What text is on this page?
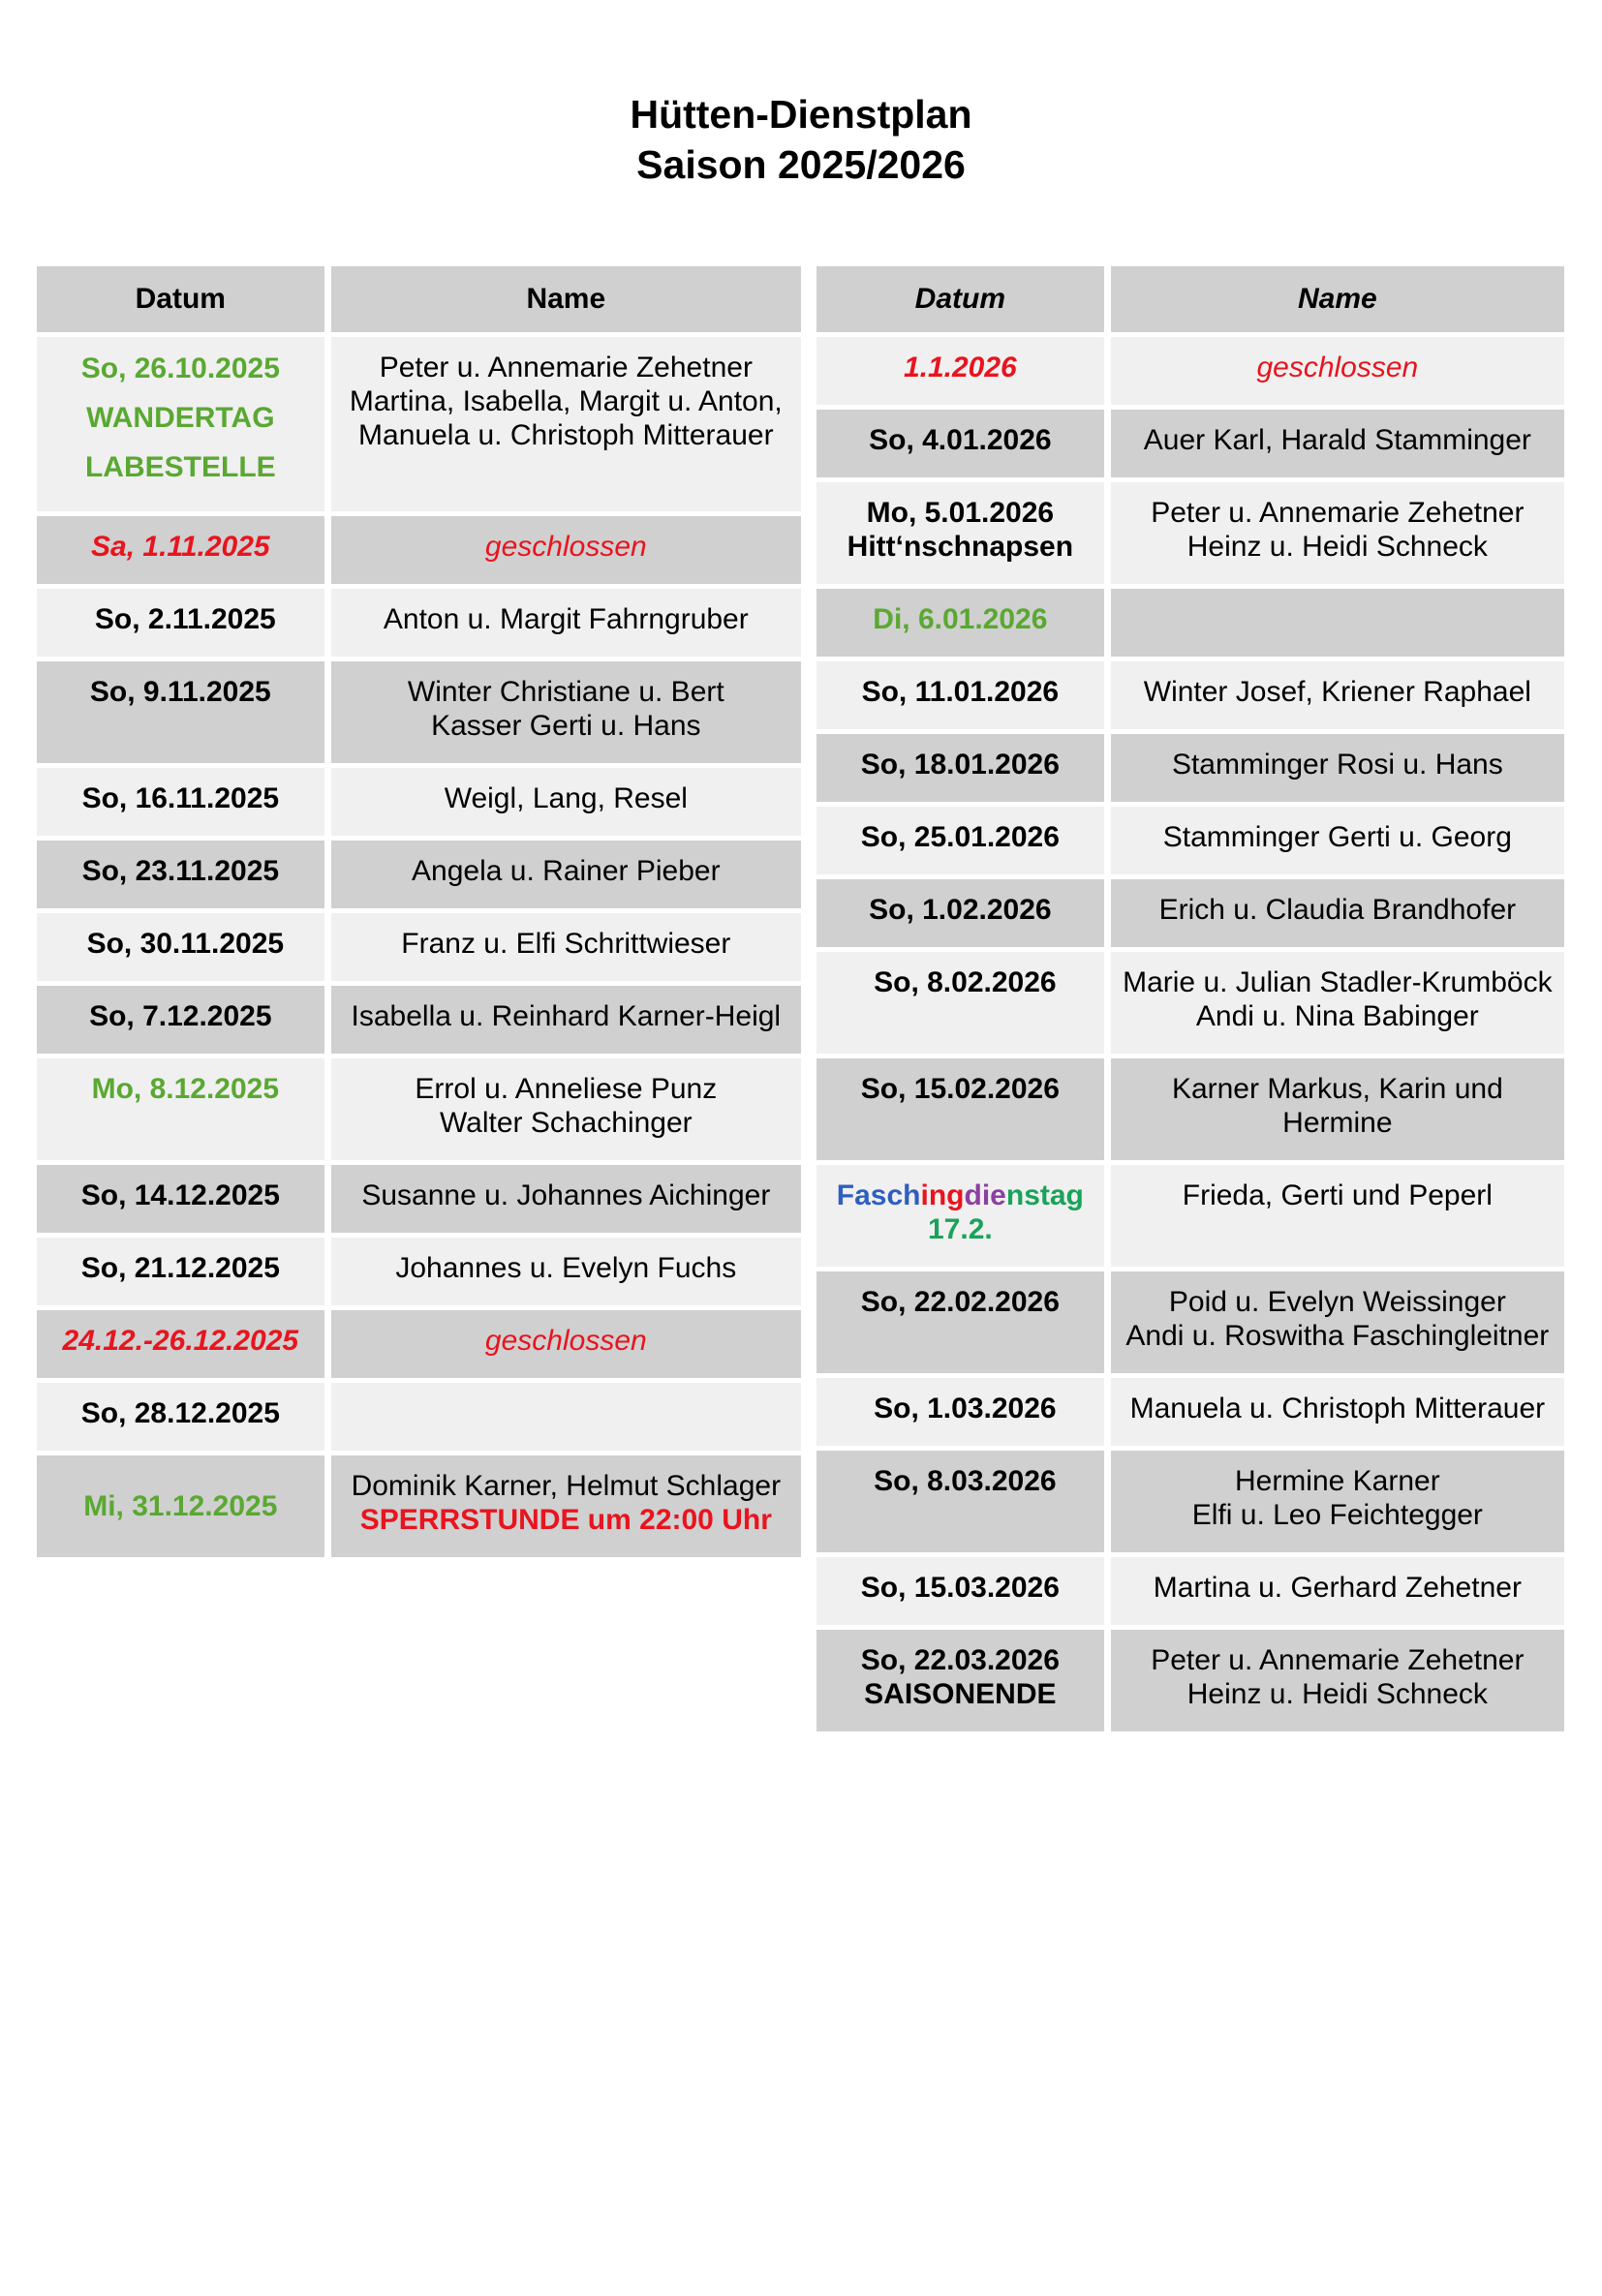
Hütten-Dienstplan
Saison 2025/2026
Datum	Name

So, 26.10.2025
WANDERTAG
LABESTELLE	Peter u. Annemarie Zehetner
Martina, Isabella, Margit u. Anton,
Manuela u. Christoph Mitterauer

Sa, 1.11.2025	geschlossen
So, 2.11.2025	Anton u. Margit Fahrngruber
So, 9.11.2025	Winter Christiane u. Bert
Kasser Gerti u. Hans

So, 16.11.2025	Weigl, Lang, Resel
So, 23.11.2025	Angela u. Rainer Pieber
So, 30.11.2025	Franz u. Elfi Schrittwieser
So, 7.12.2025	Isabella u. Reinhard Karner-Heigl
Mo, 8.12.2025	Errol u. Anneliese Punz
Walter Schachinger

So, 14.12.2025	Susanne u. Johannes Aichinger
So, 21.12.2025	Johannes u. Evelyn Fuchs
24.12.-26.12.2025	geschlossen
So, 28.12.2025	
Mi, 31.12.2025	Dominik Karner, Helmut Schlager
SPERRSTUNDE um 22:00 Uhr
Datum	Name
1.1.2026	geschlossen
So, 4.01.2026	Auer Karl, Harald Stamminger

Mo, 5.01.2026
Hitt‘nschnapsen	Peter u. Annemarie Zehetner
Heinz u. Heidi Schneck

Di, 6.01.2026	
So, 11.01.2026	Winter Josef, Kriener Raphael
So, 18.01.2026	Stamminger Rosi u. Hans
So, 25.01.2026	Stamminger Gerti u. Georg
So, 1.02.2026	Erich u. Claudia Brandhofer
So, 8.02.2026	Marie u. Julian Stadler-Krumböck
Andi u. Nina Babinger

So, 15.02.2026	Karner Markus, Karin und
Hermine

Faschingdienstag
17.2.	Frieda, Gerti und Peperl
So, 22.02.2026	Poid u. Evelyn Weissinger
Andi u. Roswitha Faschingleitner

So, 1.03.2026	Manuela u. Christoph Mitterauer
So, 8.03.2026	Hermine Karner
Elfi u. Leo Feichtegger

So, 15.03.2026	Martina u. Gerhard Zehetner

So, 22.03.2026
SAISONENDE	Peter u. Annemarie Zehetner
Heinz u. Heidi Schneck
